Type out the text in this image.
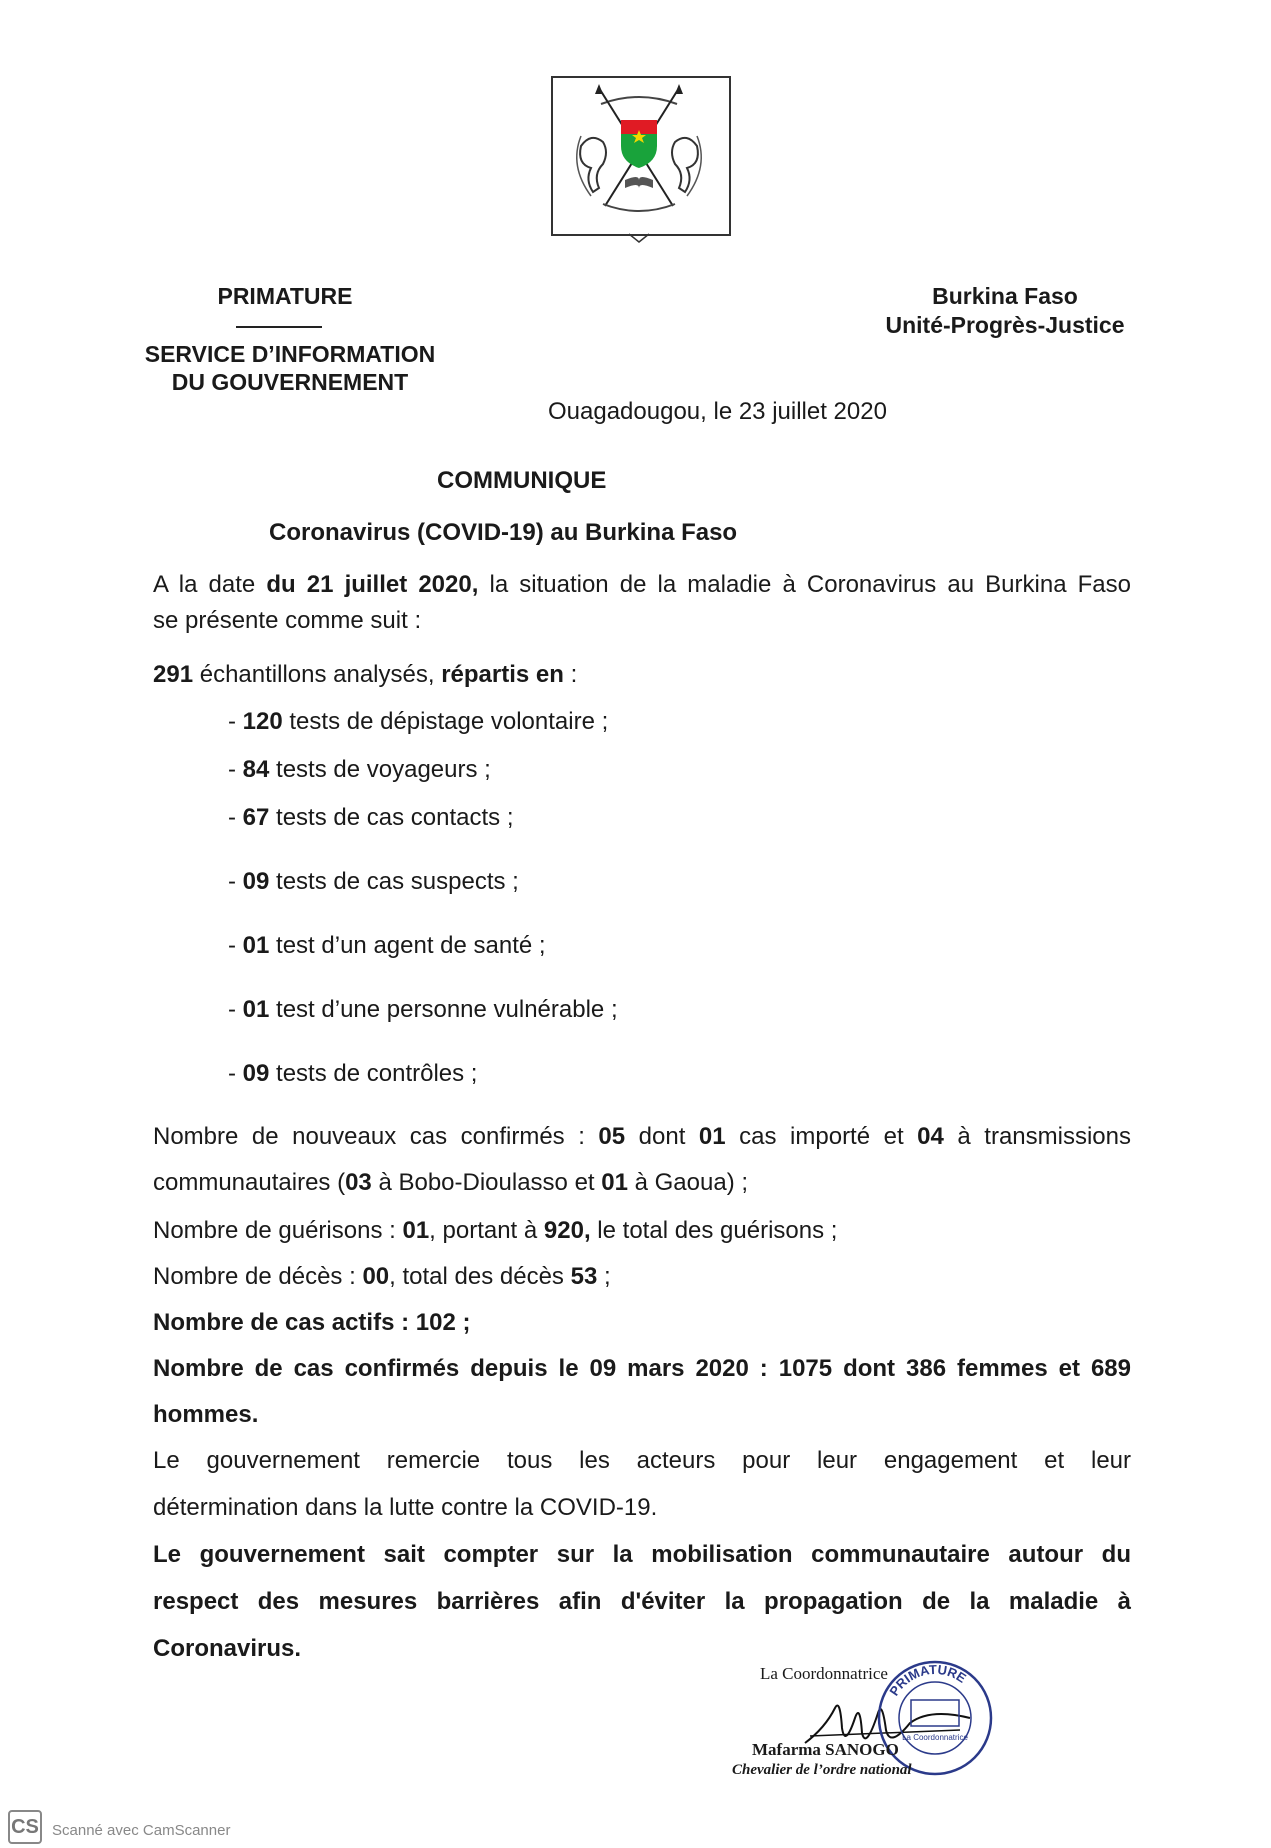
PRIMATURE
SERVICE D’INFORMATION
DU GOUVERNEMENT
Burkina Faso
Unité-Progrès-Justice
Ouagadougou, le 23 juillet 2020
COMMUNIQUE
Coronavirus (COVID-19) au Burkina Faso
A la date du 21 juillet 2020, la situation de la maladie à Coronavirus au Burkina Faso
se présente comme suit :
291 échantillons analysés, répartis en :
- 120 tests de dépistage volontaire ;
- 84 tests de voyageurs ;
- 67 tests de cas contacts ;
- 09 tests de cas suspects ;
- 01 test d’un agent de santé ;
- 01 test d’une personne vulnérable ;
- 09 tests de contrôles ;
Nombre de nouveaux cas confirmés : 05 dont 01 cas importé et 04 à transmissions
communautaires (03 à Bobo-Dioulasso et 01 à Gaoua) ;
Nombre de guérisons : 01, portant à 920, le total des guérisons ;
Nombre de décès : 00, total des décès 53 ;
Nombre de cas actifs : 102 ;
Nombre de cas confirmés depuis le 09 mars 2020 : 1075 dont 386 femmes et 689
hommes.
Le gouvernement remercie tous les acteurs pour leur engagement et leur
détermination dans la lutte contre la COVID-19.
Le gouvernement sait compter sur la mobilisation communautaire autour du
respect des mesures barrières afin d'éviter la propagation de la maladie à
Coronavirus.
La Coordonnatrice
PRIMATURE
La Coordonnatrice
Mafarma SANOGO
Chevalier de l’ordre national
CS Scanné avec CamScanner
